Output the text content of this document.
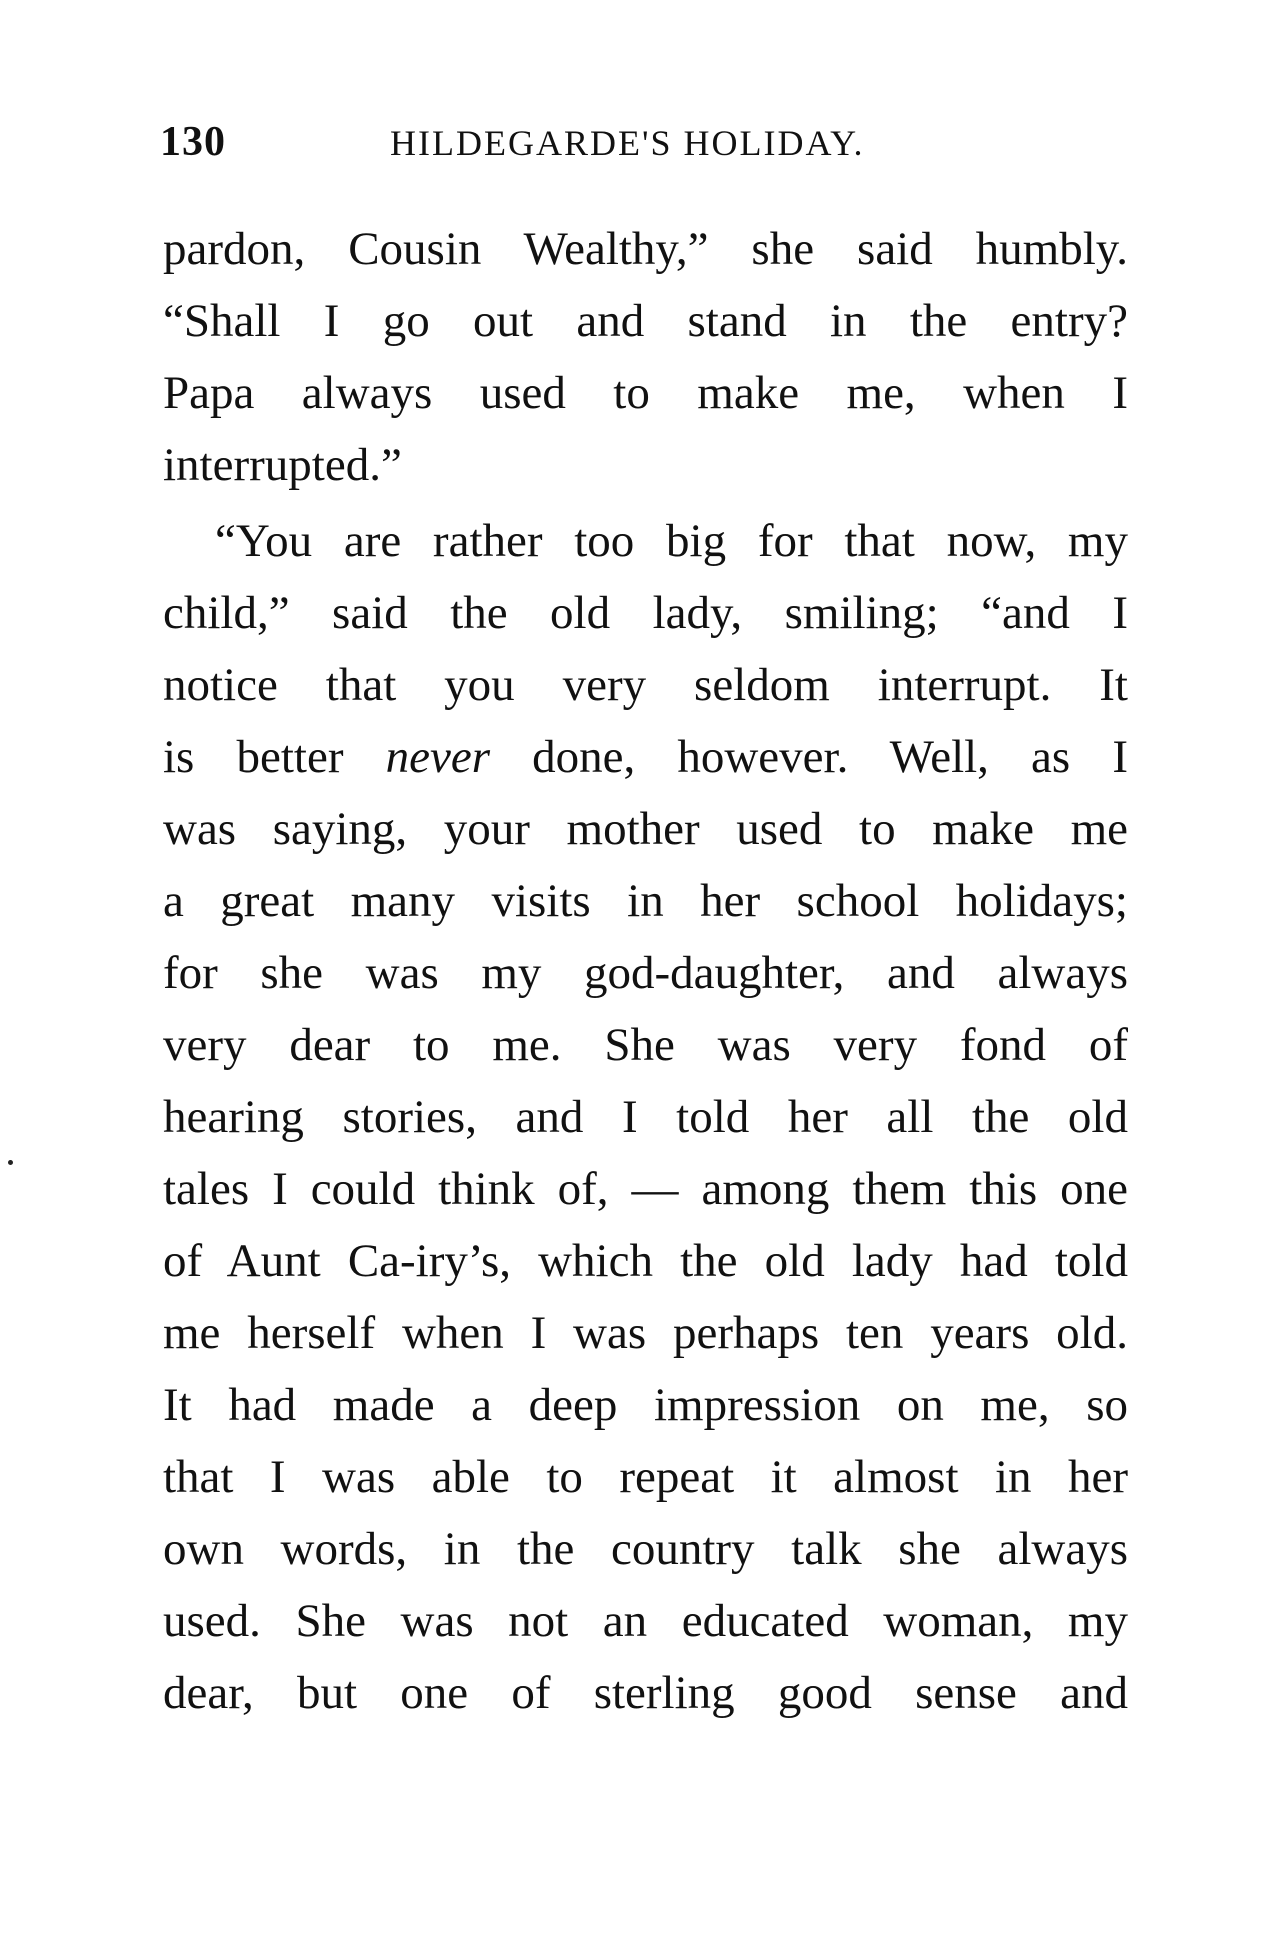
130	HILDEGARDE'S HOLIDAY.
pardon, Cousin Wealthy,” she said humbly.
“Shall I go out and stand in the entry?
Papa always used to make me, when I
interrupted.”
“You are rather too big for that now, my
child,” said the old lady, smiling; “and I
notice that you very seldom interrupt. It
is better never done, however. Well, as I
was saying, your mother used to make me
a great many visits in her school holidays;
for she was my god-daughter, and always
very dear to me. She was very fond of
hearing stories, and I told her all the old
tales I could think of, — among them this one
of Aunt Ca-iry’s, which the old lady had told
me herself when I was perhaps ten years old.
It had made a deep impression on me, so
that I was able to repeat it almost in her
own words, in the country talk she always
used. She was not an educated woman, my
dear, but one of sterling good sense and
